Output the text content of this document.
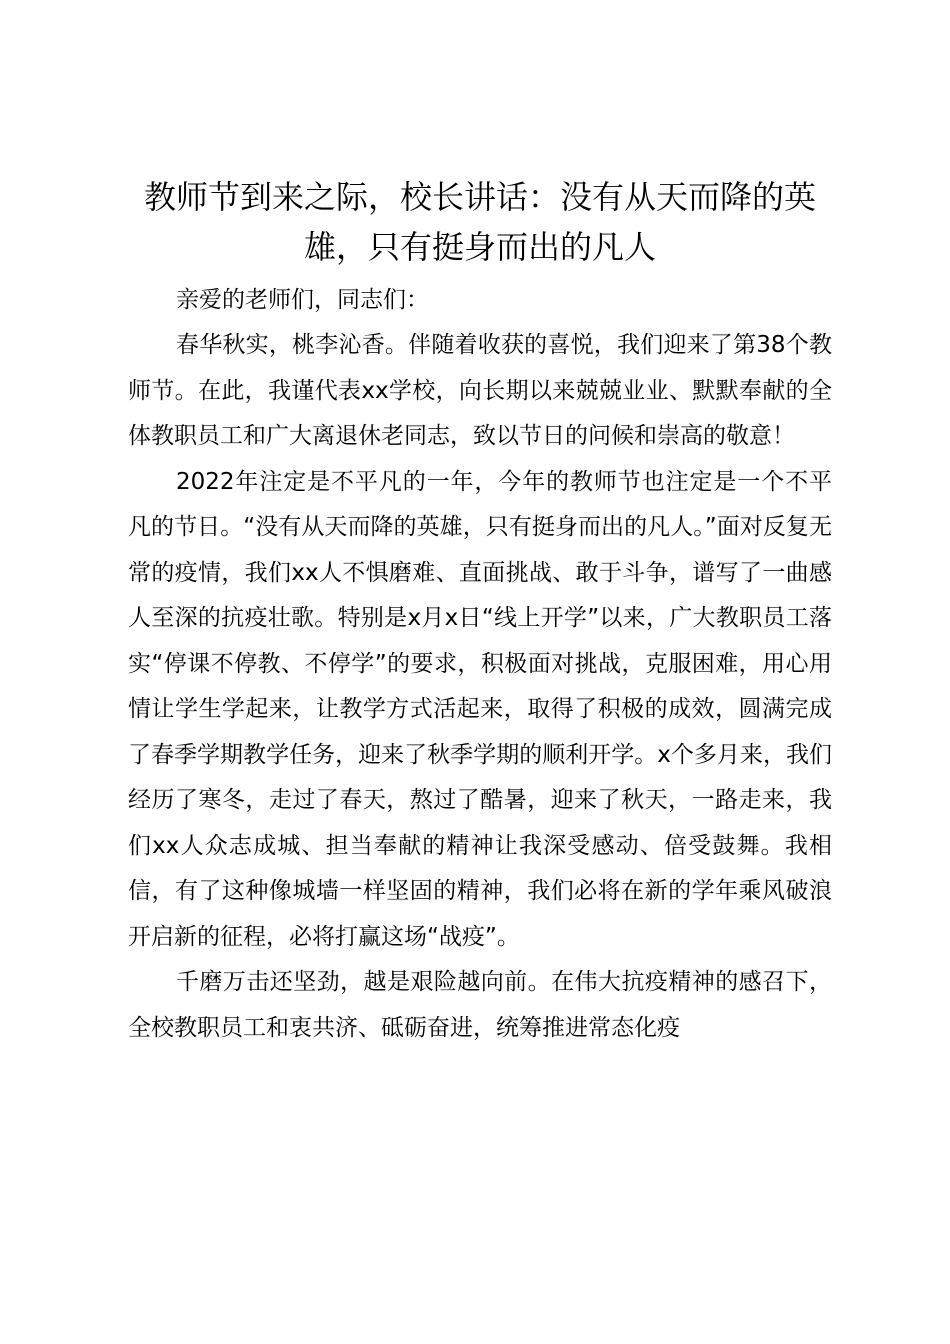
教师节到来之际，校长讲话：没有从天而降的英雄，只有挺身而出的凡人

亲爱的老师们，同志们：

春华秋实，桃李沁香。伴随着收获的喜悦，我们迎来了第38个教师节。在此，我谨代表xx学校，向长期以来兢兢业业、默默奉献的全体教职员工和广大离退休老同志，致以节日的问候和崇高的敬意！

2022年注定是不平凡的一年，今年的教师节也注定是一个不平凡的节日。“没有从天而降的英雄，只有挺身而出的凡人。”面对反复无常的疫情，我们xx人不惧磨难、直面挑战、敢于斗争，谱写了一曲感人至深的抗疫壮歌。特别是x月x日“线上开学”以来，广大教职员工落实“停课不停教、不停学”的要求，积极面对挑战，克服困难，用心用情让学生学起来，让教学方式活起来，取得了积极的成效，圆满完成了春季学期教学任务，迎来了秋季学期的顺利开学。x个多月来，我们经历了寒冬，走过了春天，熬过了酷暑，迎来了秋天，一路走来，我们xx人众志成城、担当奉献的精神让我深受感动、倍受鼓舞。我相信，有了这种像城墙一样坚固的精神，我们必将在新的学年乘风破浪开启新的征程，必将打赢这场“战疫”。

千磨万击还坚劲，越是艰险越向前。在伟大抗疫精神的感召下，全校教职员工和衷共济、砥砺奋进，统筹推进常态化疫
